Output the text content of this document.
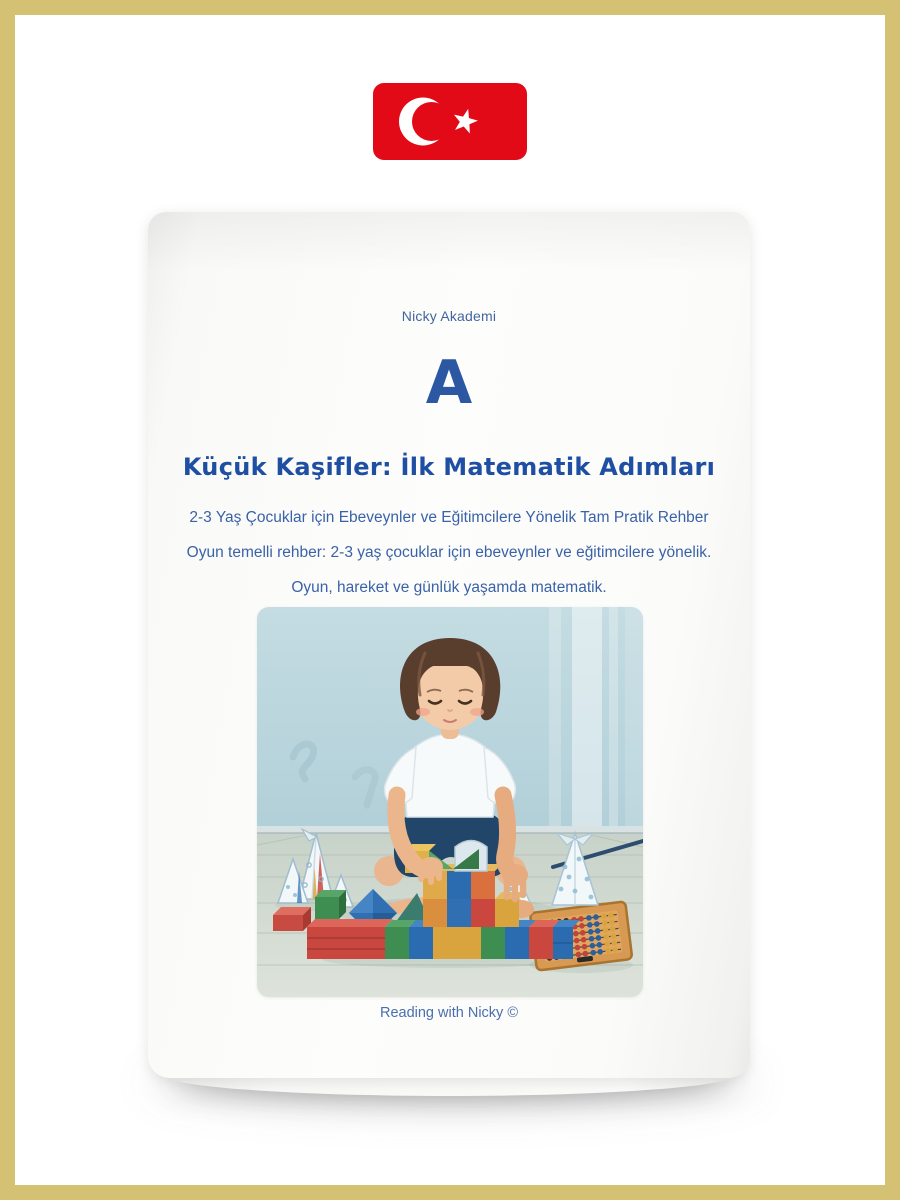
Nicky Akademi
A
Küçük Kaşifler: İlk Matematik Adımları
2-3 Yaş Çocuklar için Ebeveynler ve Eğitimcilere Yönelik Tam Pratik Rehber
Oyun temelli rehber: 2-3 yaş çocuklar için ebeveynler ve eğitimcilere yönelik.
Oyun, hareket ve günlük yaşamda matematik.
Reading with Nicky ©
